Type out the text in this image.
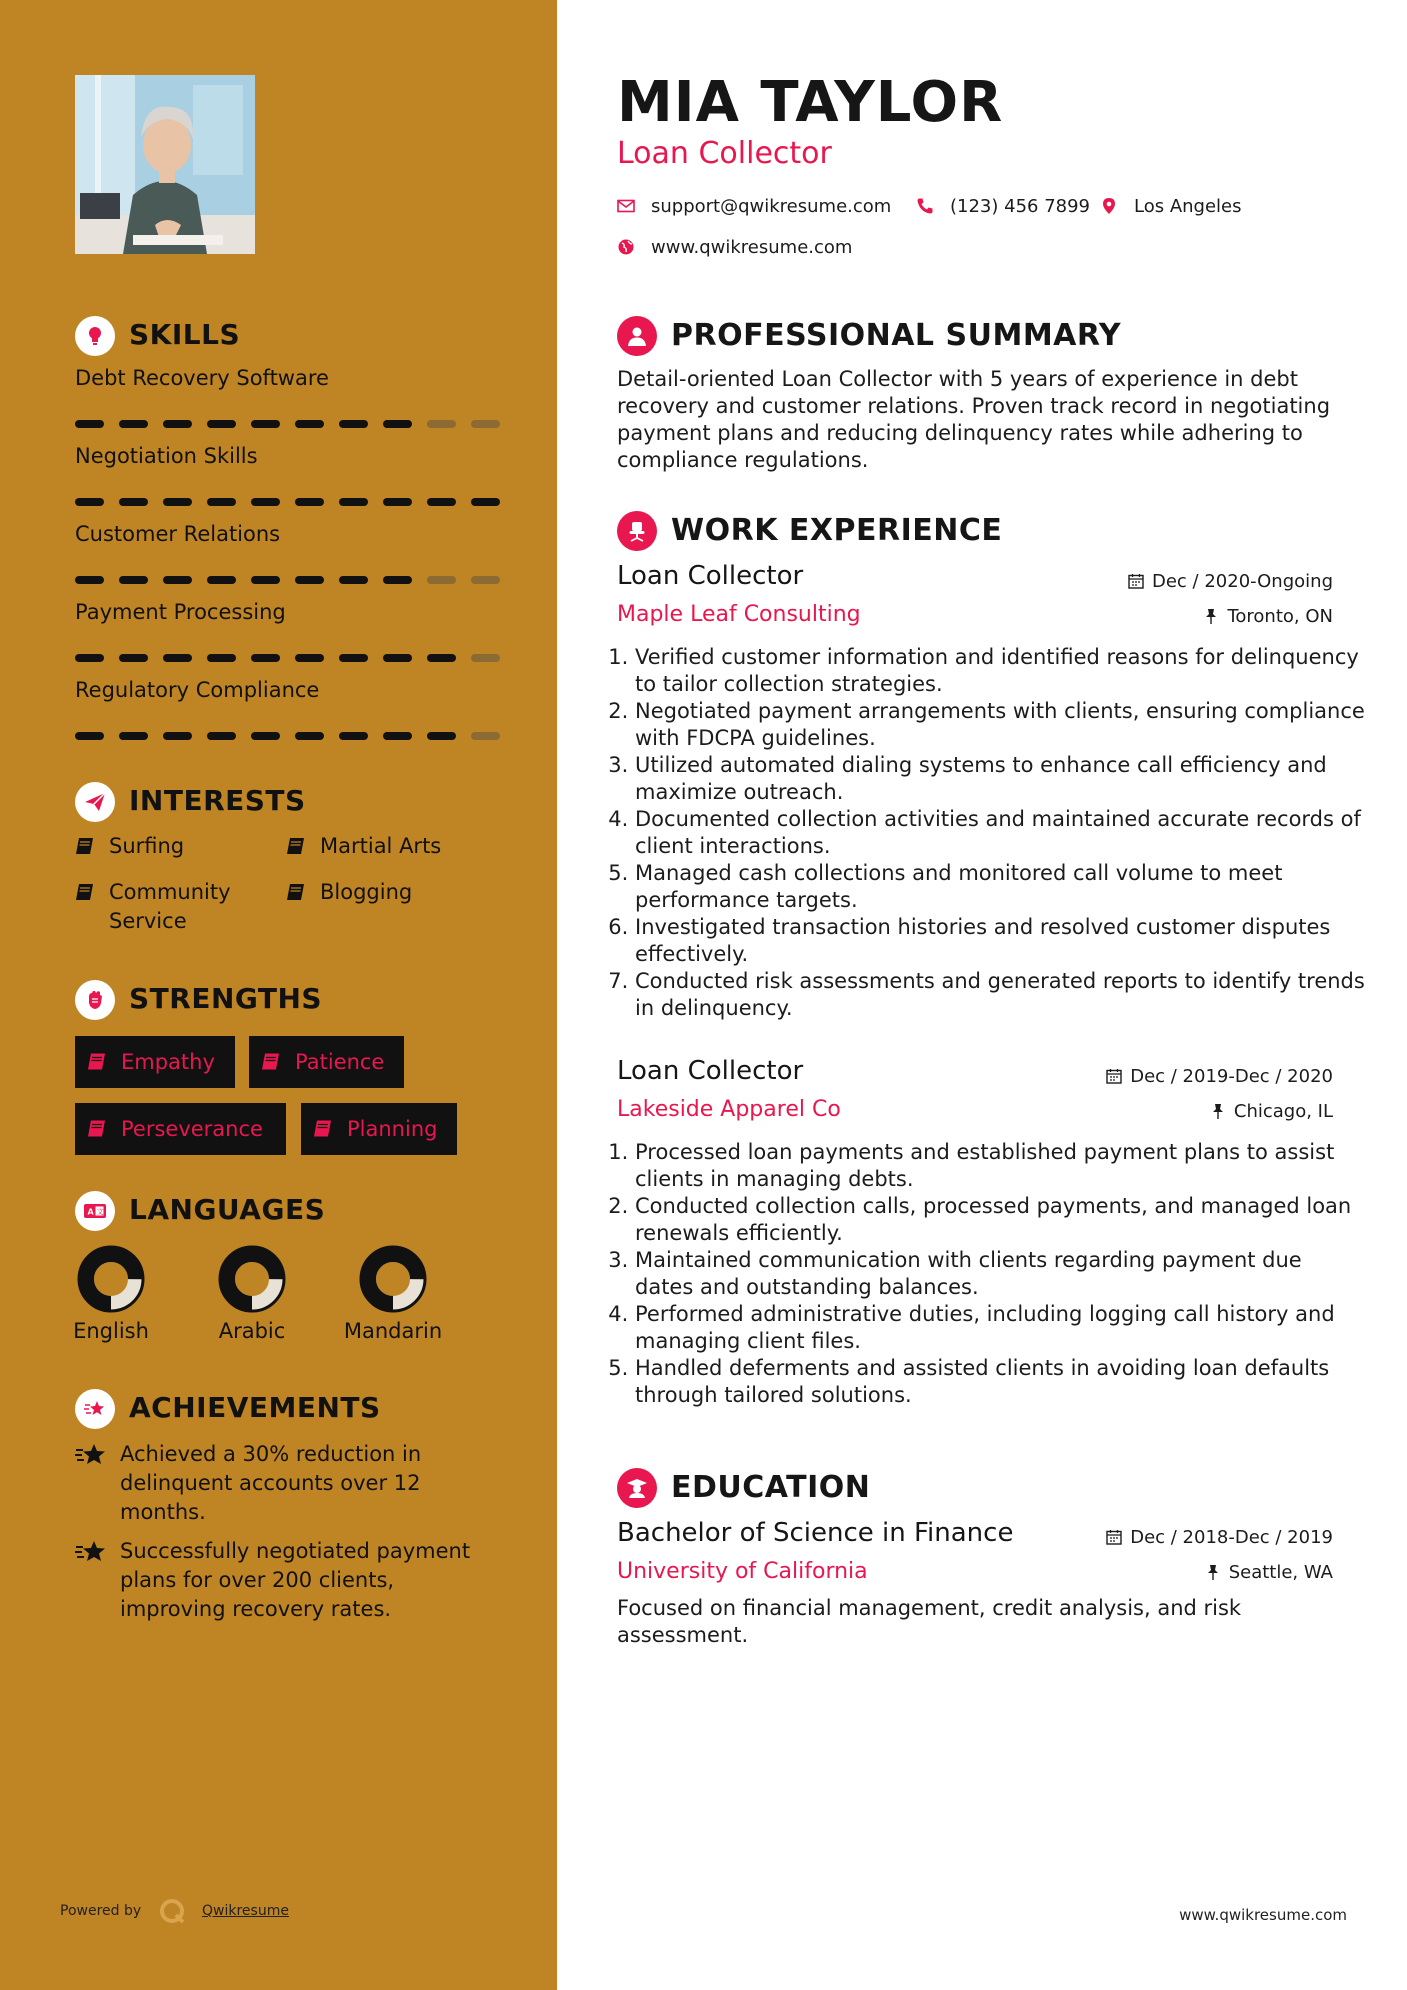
SKILLS
Debt Recovery Software
Negotiation Skills
Customer Relations
Payment Processing
Regulatory Compliance
INTERESTS
Surfing	Martial Arts
Community Service
Blogging
STRENGTHS
Empathy	Patience
Perseverance	Planning
A 文 LANGUAGES
English	Arabic	Mandarin
ACHIEVEMENTS
Achieved a 30% reduction in delinquent accounts over 12 months.
Successfully negotiated payment plans for over 200 clients, improving recovery rates.
Powered by	Qwikresume
MIA TAYLOR
Loan Collector
support@qwikresume.com	(123) 456 7899 Los Angeles
www.qwikresume.com
PROFESSIONAL SUMMARY
Detail-oriented Loan Collector with 5 years of experience in debt recovery and customer relations. Proven track record in negotiating payment plans and reducing delinquency rates while adhering to compliance regulations.
WORK EXPERIENCE
Loan Collector	Dec / 2020-Ongoing
Maple Leaf Consulting	Toronto, ON
1. Verified customer information and identified reasons for delinquency to tailor collection strategies.
2. Negotiated payment arrangements with clients, ensuring compliance with FDCPA guidelines.
3. Utilized automated dialing systems to enhance call efficiency and maximize outreach.
4. Documented collection activities and maintained accurate records of client interactions.
5. Managed cash collections and monitored call volume to meet performance targets.
6. Investigated transaction histories and resolved customer disputes effectively.
7. Conducted risk assessments and generated reports to identify trends in delinquency.
Loan Collector	Dec / 2019-Dec / 2020
Lakeside Apparel Co	Chicago, IL
1. Processed loan payments and established payment plans to assist clients in managing debts.
2. Conducted collection calls, processed payments, and managed loan renewals efficiently.
3. Maintained communication with clients regarding payment due dates and outstanding balances.
4. Performed administrative duties, including logging call history and managing client files.
5. Handled deferments and assisted clients in avoiding loan defaults through tailored solutions.
EDUCATION
Bachelor of Science in Finance	Dec / 2018-Dec / 2019
University of California	Seattle, WA
Focused on financial management, credit analysis, and risk assessment.
www.qwikresume.com
